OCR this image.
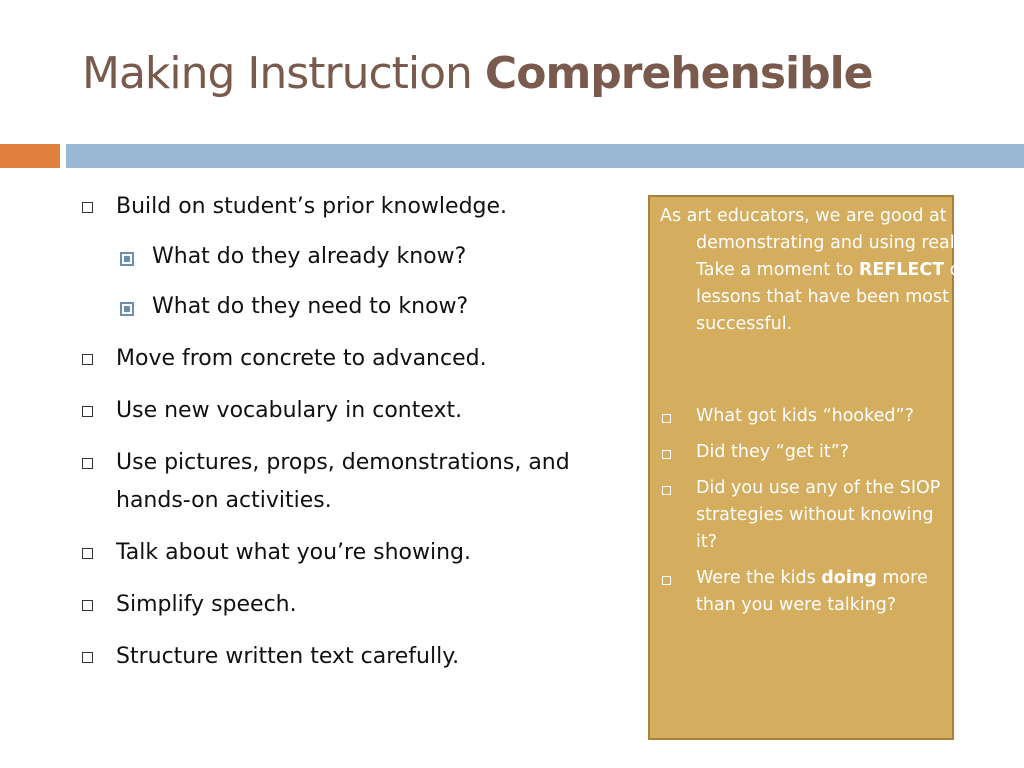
Making Instruction Comprehensible
Build on student’s prior knowledge.
What do they already know?
What do they need to know?
Move from concrete to advanced.
Use new vocabulary in context.
Use pictures, props, demonstrations, and hands-on activities.
Talk about what you’re showing.
Simplify speech.
Structure written text carefully.

As art educators, we are good at demonstrating and using realia. Take a moment to REFLECT on lessons that have been most successful.

What got kids “hooked”?
Did they “get it”?
Did you use any of the SIOP strategies without knowing it?
Were the kids doing more than you were talking?
